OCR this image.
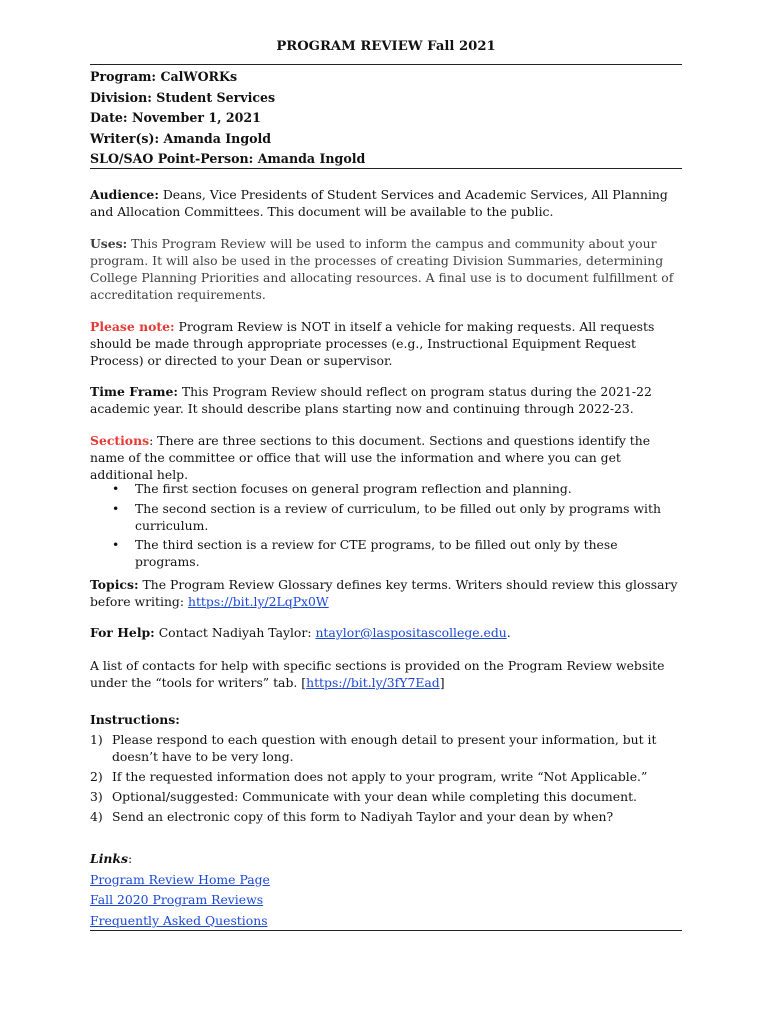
PROGRAM REVIEW Fall 2021
Program: CalWORKs
Division: Student Services
Date: November 1, 2021
Writer(s): Amanda Ingold
SLO/SAO Point-Person: Amanda Ingold
Audience: Deans, Vice Presidents of Student Services and Academic Services, All Planning and Allocation Committees. This document will be available to the public.
Uses: This Program Review will be used to inform the campus and community about your program. It will also be used in the processes of creating Division Summaries, determining College Planning Priorities and allocating resources. A final use is to document fulfillment of accreditation requirements.
Please note: Program Review is NOT in itself a vehicle for making requests. All requests should be made through appropriate processes (e.g., Instructional Equipment Request Process) or directed to your Dean or supervisor.
Time Frame: This Program Review should reflect on program status during the 2021-22 academic year. It should describe plans starting now and continuing through 2022-23.
Sections: There are three sections to this document. Sections and questions identify the name of the committee or office that will use the information and where you can get additional help.
• The first section focuses on general program reflection and planning.
• The second section is a review of curriculum, to be filled out only by programs with curriculum.
• The third section is a review for CTE programs, to be filled out only by these programs.
Topics: The Program Review Glossary defines key terms. Writers should review this glossary before writing: https://bit.ly/2LqPx0W
For Help: Contact Nadiyah Taylor: ntaylor@laspositascollege.edu.
A list of contacts for help with specific sections is provided on the Program Review website under the “tools for writers” tab. [https://bit.ly/3fY7Ead]
Instructions:
1) Please respond to each question with enough detail to present your information, but it doesn’t have to be very long.
2) If the requested information does not apply to your program, write “Not Applicable.”
3) Optional/suggested: Communicate with your dean while completing this document.
4) Send an electronic copy of this form to Nadiyah Taylor and your dean by when?
Links:
Program Review Home Page
Fall 2020 Program Reviews
Frequently Asked Questions
